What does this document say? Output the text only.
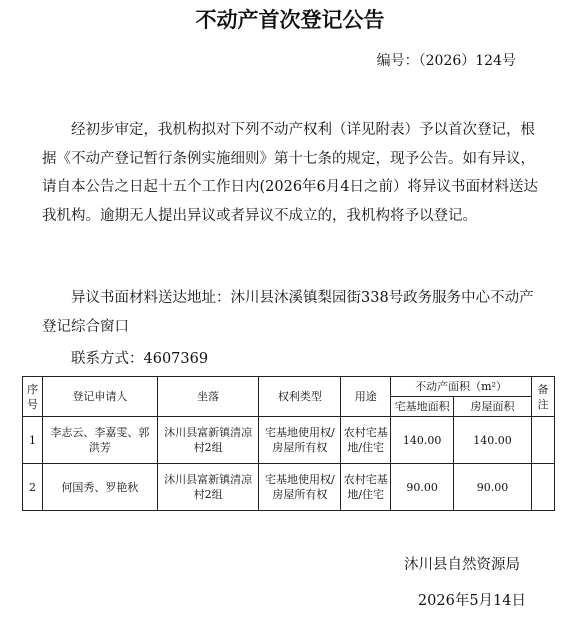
不动产首次登记公告
编号：（2026）124号

经初步审定，我机构拟对下列不动产权利（详见附表）予以首次登记，根据《不动产登记暂行条例实施细则》第十七条的规定，现予公告。如有异议，请自本公告之日起十五个工作日内(2026年6月4日之前）将异议书面材料送达我机构。逾期无人提出异议或者异议不成立的，我机构将予以登记。

异议书面材料送达地址：沐川县沐溪镇梨园街338号政务服务中心不动产登记综合窗口

联系方式：4607369

序号	登记申请人	坐落	权利类型	用途	不动产面积（m²）		备注
					宅基地面积	房屋面积	
1	李志云、李嘉雯、郭洪芳	沐川县富新镇清凉村2组	宅基地使用权/房屋所有权	农村宅基地/住宅	140.00	140.00	
2	何国秀、罗艳秋	沐川县富新镇清凉村2组	宅基地使用权/房屋所有权	农村宅基地/住宅	90.00	90.00	
沐川县自然资源局
2026年5月14日
